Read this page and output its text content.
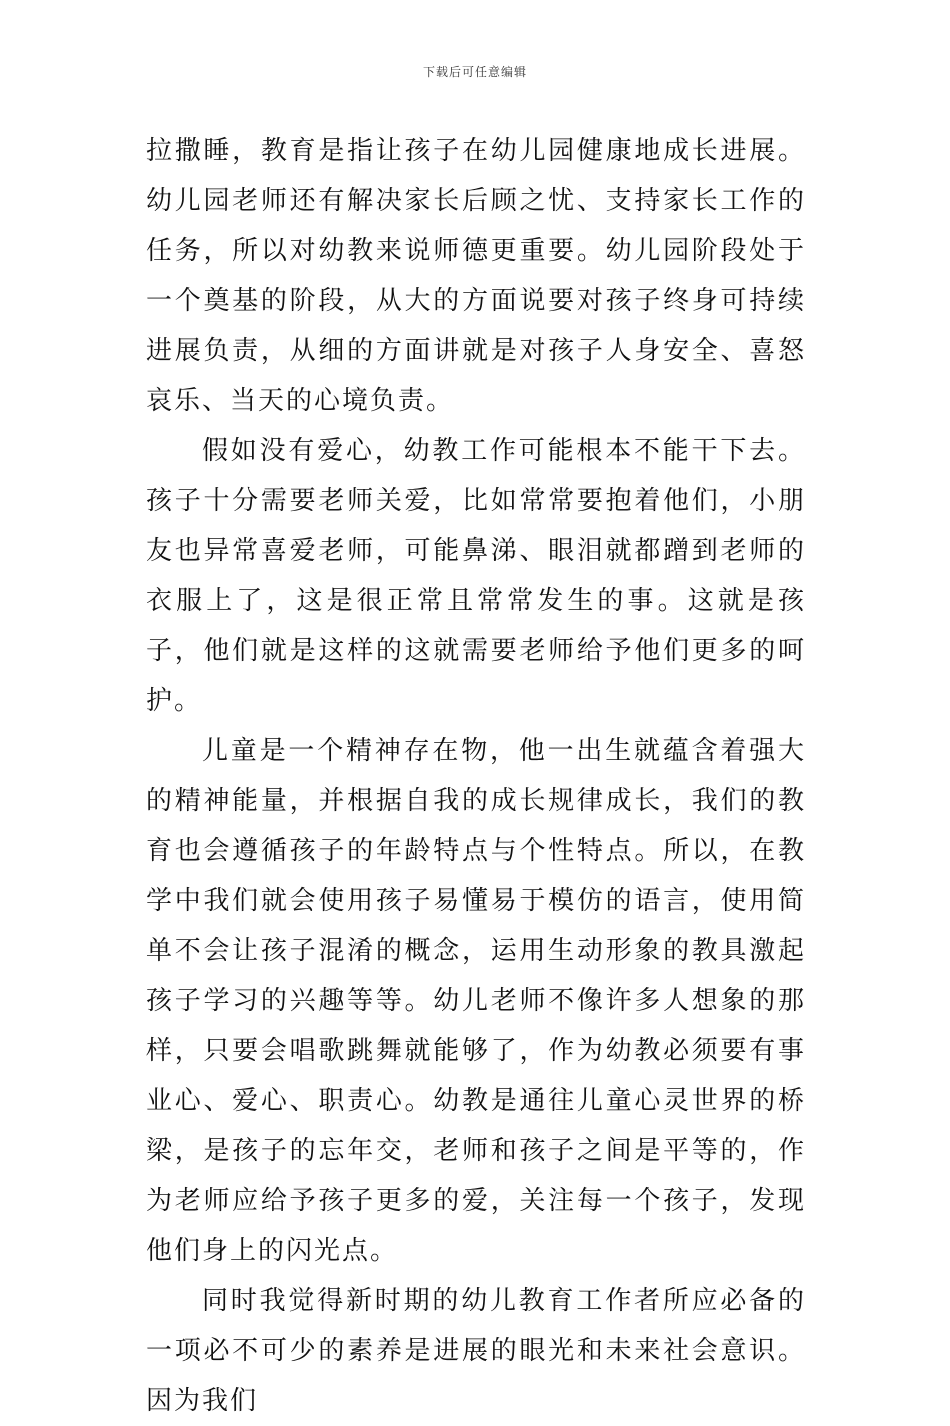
下载后可任意编辑

拉撒睡，教育是指让孩子在幼儿园健康地成长进展。幼儿园老师还有解决家长后顾之忧、支持家长工作的任务，所以对幼教来说师德更重要。幼儿园阶段处于一个奠基的阶段，从大的方面说要对孩子终身可持续进展负责，从细的方面讲就是对孩子人身安全、喜怒哀乐、当天的心境负责。

假如没有爱心，幼教工作可能根本不能干下去。孩子十分需要老师关爱，比如常常要抱着他们，小朋友也异常喜爱老师，可能鼻涕、眼泪就都蹭到老师的衣服上了，这是很正常且常常发生的事。这就是孩子，他们就是这样的这就需要老师给予他们更多的呵护。

儿童是一个精神存在物，他一出生就蕴含着强大的精神能量，并根据自我的成长规律成长，我们的教育也会遵循孩子的年龄特点与个性特点。所以，在教学中我们就会使用孩子易懂易于模仿的语言，使用简单不会让孩子混淆的概念，运用生动形象的教具激起孩子学习的兴趣等等。幼儿老师不像许多人想象的那样，只要会唱歌跳舞就能够了，作为幼教必须要有事业心、爱心、职责心。幼教是通往儿童心灵世界的桥梁，是孩子的忘年交，老师和孩子之间是平等的，作为老师应给予孩子更多的爱，关注每一个孩子，发现他们身上的闪光点。

同时我觉得新时期的幼儿教育工作者所应必备的一项必不可少的素养是进展的眼光和未来社会意识。因为我们
